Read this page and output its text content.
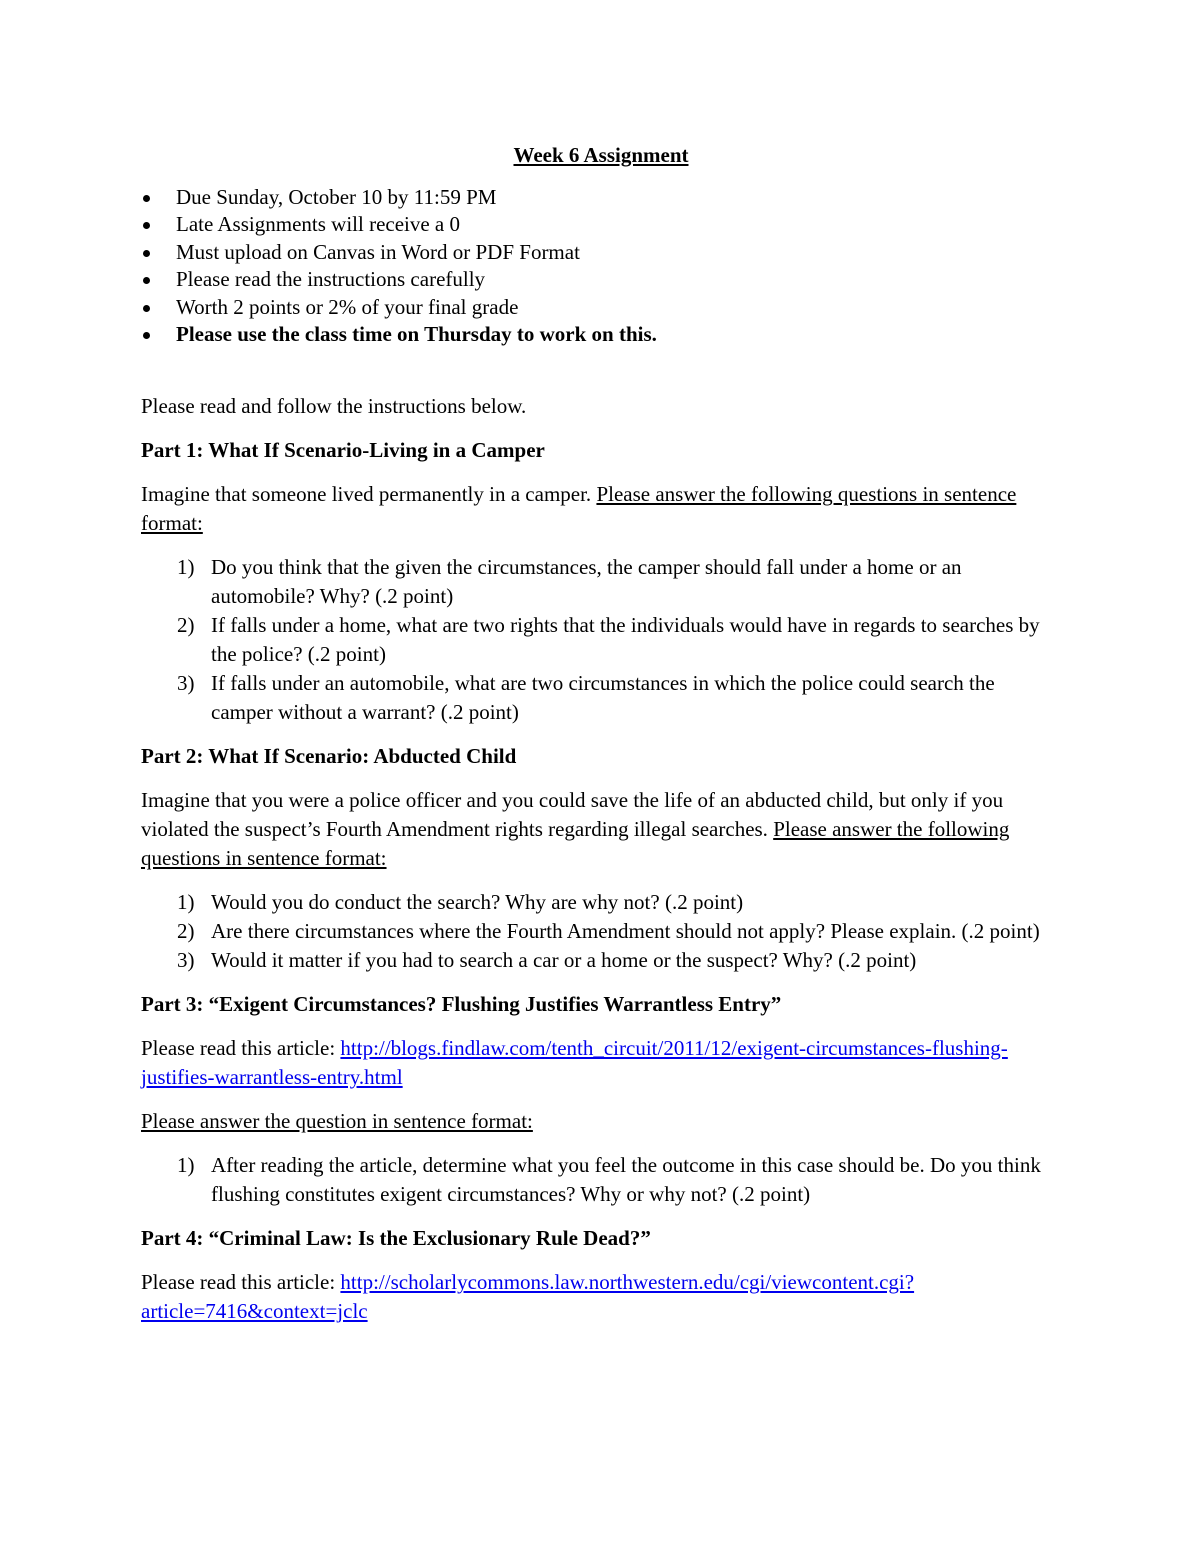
Week 6 Assignment

Due Sunday, October 10 by 11:59 PM
Late Assignments will receive a 0
Must upload on Canvas in Word or PDF Format
Please read the instructions carefully
Worth 2 points or 2% of your final grade
Please use the class time on Thursday to work on this.

Please read and follow the instructions below.

Part 1: What If Scenario-Living in a Camper

Imagine that someone lived permanently in a camper. Please answer the following questions in sentence format:

1) Do you think that the given the circumstances, the camper should fall under a home or an automobile? Why? (.2 point)
2) If falls under a home, what are two rights that the individuals would have in regards to searches by the police? (.2 point)
3) If falls under an automobile, what are two circumstances in which the police could search the camper without a warrant? (.2 point)

Part 2: What If Scenario: Abducted Child

Imagine that you were a police officer and you could save the life of an abducted child, but only if you violated the suspect’s Fourth Amendment rights regarding illegal searches. Please answer the following questions in sentence format:

1) Would you do conduct the search? Why are why not? (.2 point)
2) Are there circumstances where the Fourth Amendment should not apply? Please explain. (.2 point)
3) Would it matter if you had to search a car or a home or the suspect? Why? (.2 point)

Part 3: “Exigent Circumstances? Flushing Justifies Warrantless Entry”

Please read this article: http://blogs.findlaw.com/tenth_circuit/2011/12/exigent-circumstances-flushing-justifies-warrantless-entry.html

Please answer the question in sentence format:

1) After reading the article, determine what you feel the outcome in this case should be. Do you think flushing constitutes exigent circumstances? Why or why not? (.2 point)

Part 4: “Criminal Law: Is the Exclusionary Rule Dead?”

Please read this article: http://scholarlycommons.law.northwestern.edu/cgi/viewcontent.cgi?article=7416&context=jclc
